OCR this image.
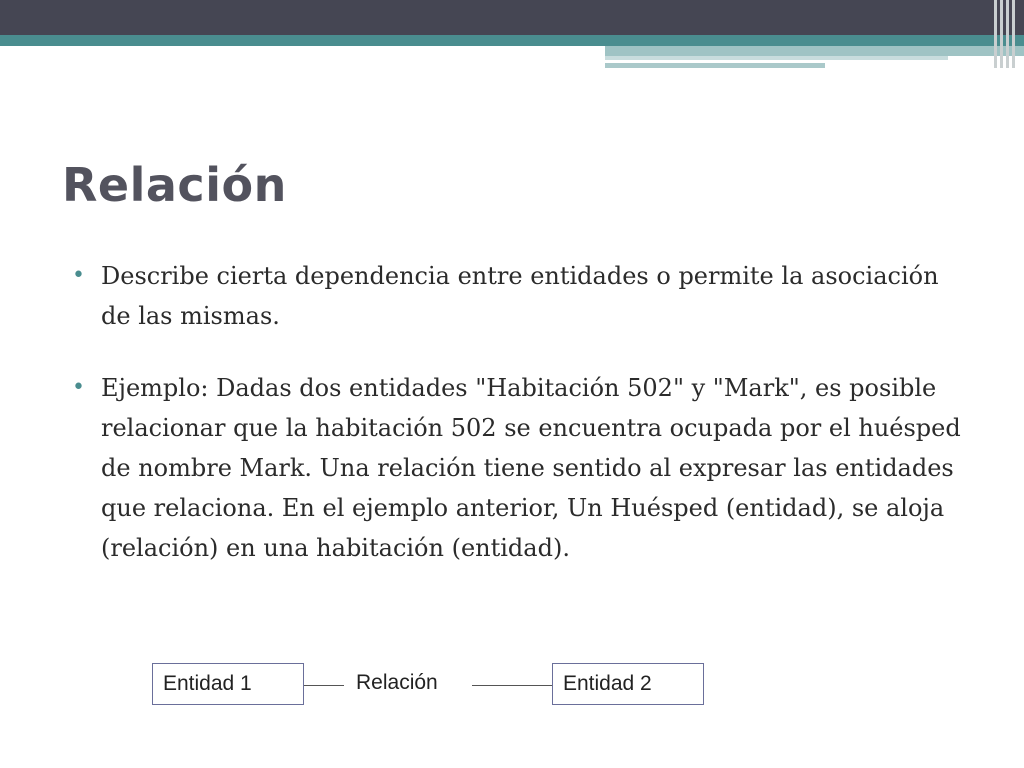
Relación
• Describe cierta dependencia entre entidades o permite la asociación de las mismas.
• Ejemplo: Dadas dos entidades "Habitación 502" y "Mark", es posible relacionar que la habitación 502 se encuentra ocupada por el huésped de nombre Mark. Una relación tiene sentido al expresar las entidades que relaciona. En el ejemplo anterior, Un Huésped (entidad), se aloja (relación) en una habitación (entidad).
Entidad 1	Relación	Entidad 2
